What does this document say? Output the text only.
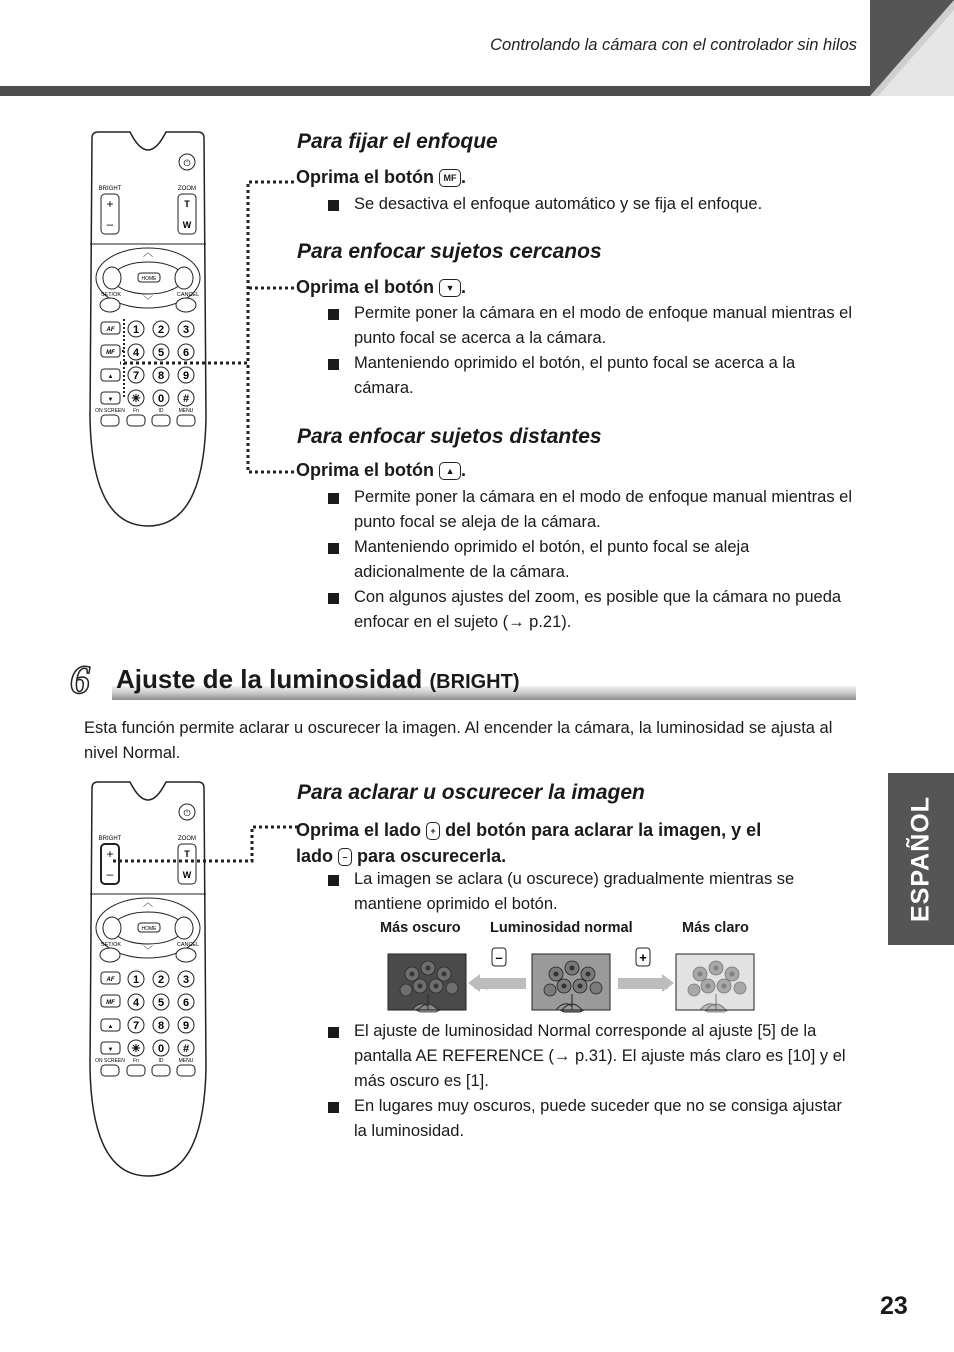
Controlando la cámara con el controlador sin hilos
ESPAÑOL
23
⏻
BRIGHT	ZOOM
+
–
T
W
HOME
︿
﹀
SET/OK	CANCEL
AF
MF
▲
▼
1 2 3
4 5 6
7 8 9
✳ 0 #
ON SCREEN Fn	ID	MENU
Para fijar el enfoque
Oprima el botón MF .
Se desactiva el enfoque automático y se fija el enfoque.
Para enfocar sujetos cercanos
Oprima el botón ▼ .
Permite poner la cámara en el modo de enfoque manual mientras el punto focal se acerca a la cámara.
Manteniendo oprimido el botón, el punto focal se acerca a la cámara.
Para enfocar sujetos distantes
Oprima el botón ▲ .
Permite poner la cámara en el modo de enfoque manual mientras el punto focal se aleja de la cámara.
Manteniendo oprimido el botón, el punto focal se aleja adicionalmente de la cámara.
Con algunos ajustes del zoom, es posible que la cámara no pueda enfocar en el sujeto (→ p.21).
6 Ajuste de la luminosidad (BRIGHT)
Esta función permite aclarar u oscurecer la imagen. Al encender la cámara, la luminosidad se ajusta al nivel Normal.
⏻
BRIGHT	ZOOM
+
–
T
W
HOME
︿
﹀
SET/OK	CANCEL
AF
MF
▲
▼
1 2 3
4 5 6
7 8 9
✳ 0 #
ON SCREEN Fn	ID	MENU
Para aclarar u oscurecer la imagen
Oprima el lado + del botón para aclarar la imagen, y el
lado – para oscurecerla.
La imagen se aclara (u oscurece) gradualmente mientras se mantiene oprimido el botón.
Más oscuro Luminosidad normal	Más claro
–	+
El ajuste de luminosidad Normal corresponde al ajuste [5] de la pantalla AE REFERENCE (→ p.31). El ajuste más claro es [10] y el más oscuro es [1].
En lugares muy oscuros, puede suceder que no se consiga ajustar la luminosidad.
